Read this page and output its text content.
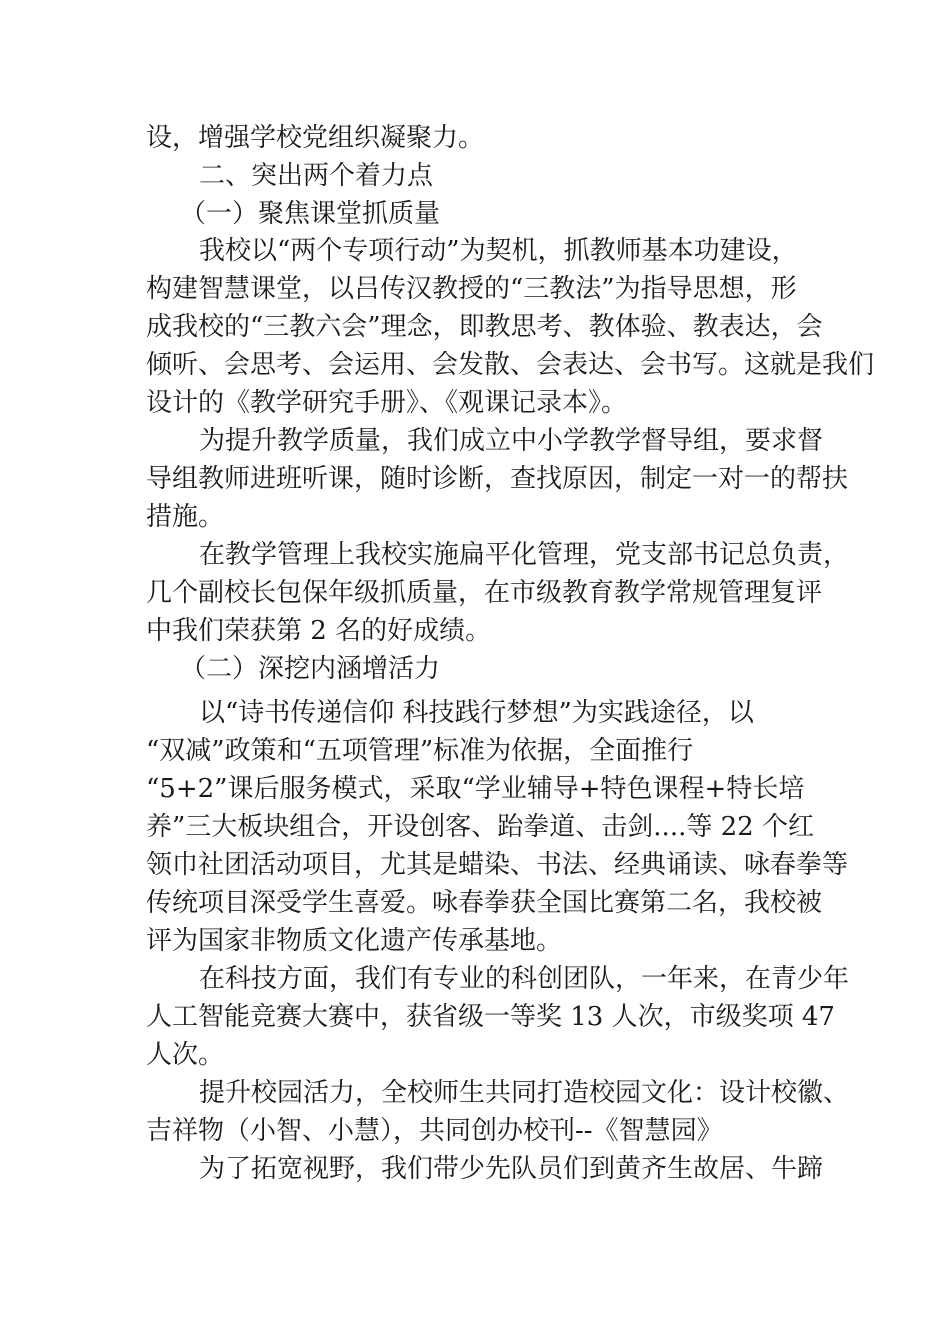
设，增强学校党组织凝聚力。
二、突出两个着力点
（一）聚焦课堂抓质量
我校以“两个专项行动”为契机，抓教师基本功建设，
构建智慧课堂，以吕传汉教授的“三教法”为指导思想，形
成我校的“三教六会”理念，即教思考、教体验、教表达，会
倾听、会思考、会运用、会发散、会表达、会书写。这就是我们
设计的《教学研究手册》、《观课记录本》。
为提升教学质量，我们成立中小学教学督导组，要求督
导组教师进班听课，随时诊断，查找原因，制定一对一的帮扶
措施。
在教学管理上我校实施扁平化管理，党支部书记总负责，
几个副校长包保年级抓质量，在市级教育教学常规管理复评
中我们荣获第 2 名的好成绩。
（二）深挖内涵增活力
以“诗书传递信仰 科技践行梦想”为实践途径，以
“双减”政策和“五项管理”标准为依据，全面推行
“5+2”课后服务模式，采取“学业辅导+特色课程+特长培
养”三大板块组合，开设创客、跆拳道、击剑....等 22 个红
领巾社团活动项目，尤其是蜡染、书法、经典诵读、咏春拳等
传统项目深受学生喜爱。咏春拳获全国比赛第二名，我校被
评为国家非物质文化遗产传承基地。
在科技方面，我们有专业的科创团队，一年来，在青少年
人工智能竞赛大赛中，获省级一等奖 13 人次，市级奖项 47
人次。
提升校园活力，全校师生共同打造校园文化：设计校徽、
吉祥物（小智、小慧），共同创办校刊--《智慧园》
为了拓宽视野，我们带少先队员们到黄齐生故居、牛蹄
